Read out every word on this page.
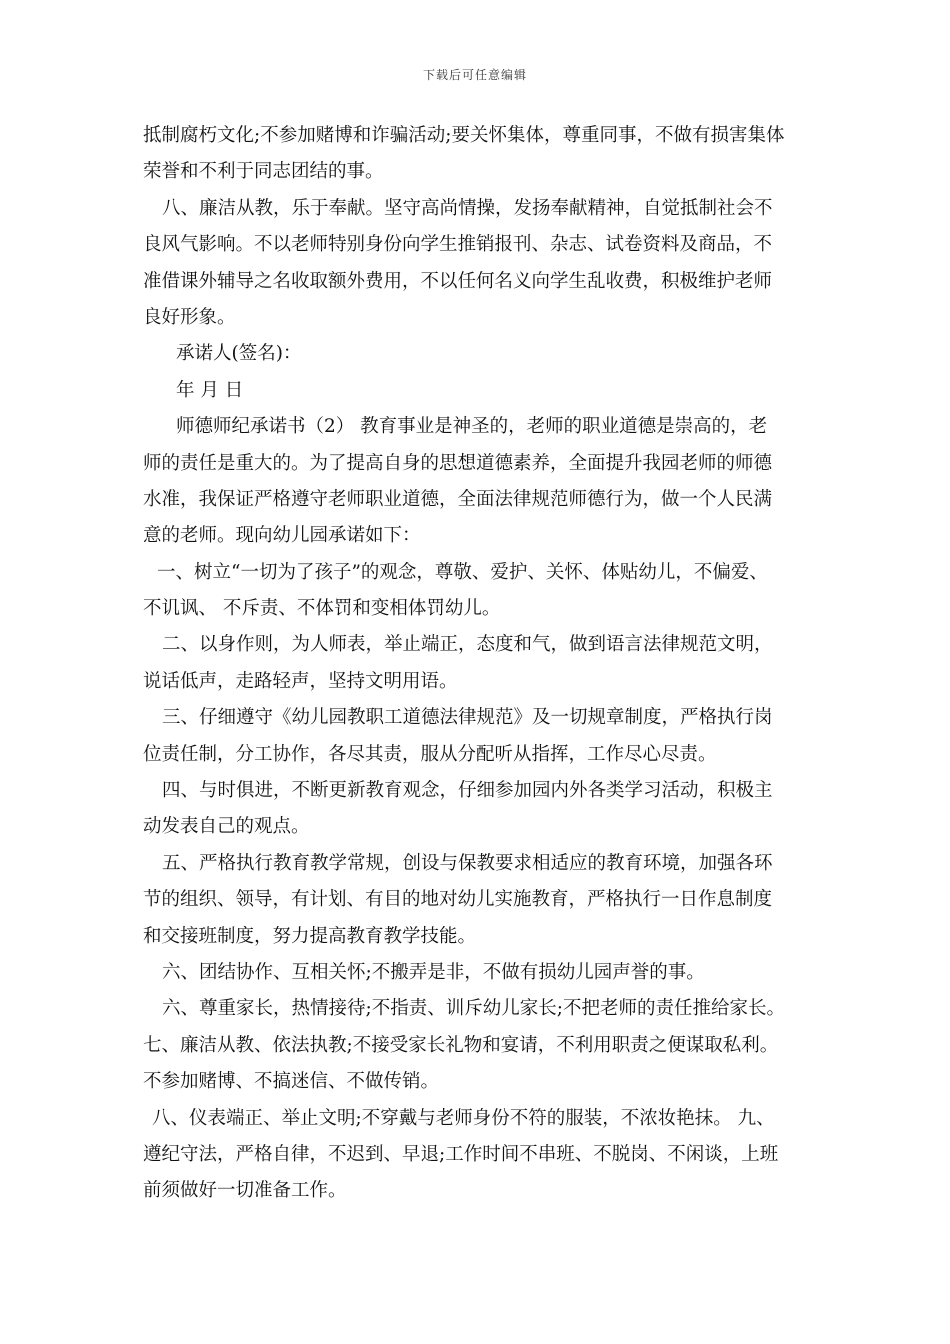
下载后可任意编辑
抵制腐朽文化;不参加赌博和诈骗活动;要关怀集体，尊重同事，不做有损害集体
荣誉和不利于同志团结的事。
八、廉洁从教，乐于奉献。坚守高尚情操，发扬奉献精神，自觉抵制社会不
良风气影响。不以老师特别身份向学生推销报刊、杂志、试卷资料及商品，不
准借课外辅导之名收取额外费用，不以任何名义向学生乱收费，积极维护老师
良好形象。
承诺人(签名)：
年 月 日
师德师纪承诺书（2） 教育事业是神圣的，老师的职业道德是崇高的，老
师的责任是重大的。为了提高自身的思想道德素养，全面提升我园老师的师德
水准，我保证严格遵守老师职业道德，全面法律规范师德行为，做一个人民满
意的老师。现向幼儿园承诺如下：
一、树立“一切为了孩子”的观念，尊敬、爱护、关怀、体贴幼儿，不偏爱、
不讥讽、 不斥责、不体罚和变相体罚幼儿。
二、以身作则，为人师表，举止端正，态度和气，做到语言法律规范文明，
说话低声，走路轻声，坚持文明用语。
三、仔细遵守《幼儿园教职工道德法律规范》及一切规章制度，严格执行岗
位责任制，分工协作，各尽其责，服从分配听从指挥，工作尽心尽责。
四、与时俱进，不断更新教育观念，仔细参加园内外各类学习活动，积极主
动发表自己的观点。
五、严格执行教育教学常规，创设与保教要求相适应的教育环境，加强各环
节的组织、领导，有计划、有目的地对幼儿实施教育，严格执行一日作息制度
和交接班制度，努力提高教育教学技能。
六、团结协作、互相关怀;不搬弄是非，不做有损幼儿园声誉的事。
六、尊重家长，热情接待;不指责、训斥幼儿家长;不把老师的责任推给家长。
七、廉洁从教、依法执教;不接受家长礼物和宴请，不利用职责之便谋取私利。
不参加赌博、不搞迷信、不做传销。
八、仪表端正、举止文明;不穿戴与老师身份不符的服装，不浓妆艳抹。 九、
遵纪守法，严格自律，不迟到、早退;工作时间不串班、不脱岗、不闲谈，上班
前须做好一切准备工作。
